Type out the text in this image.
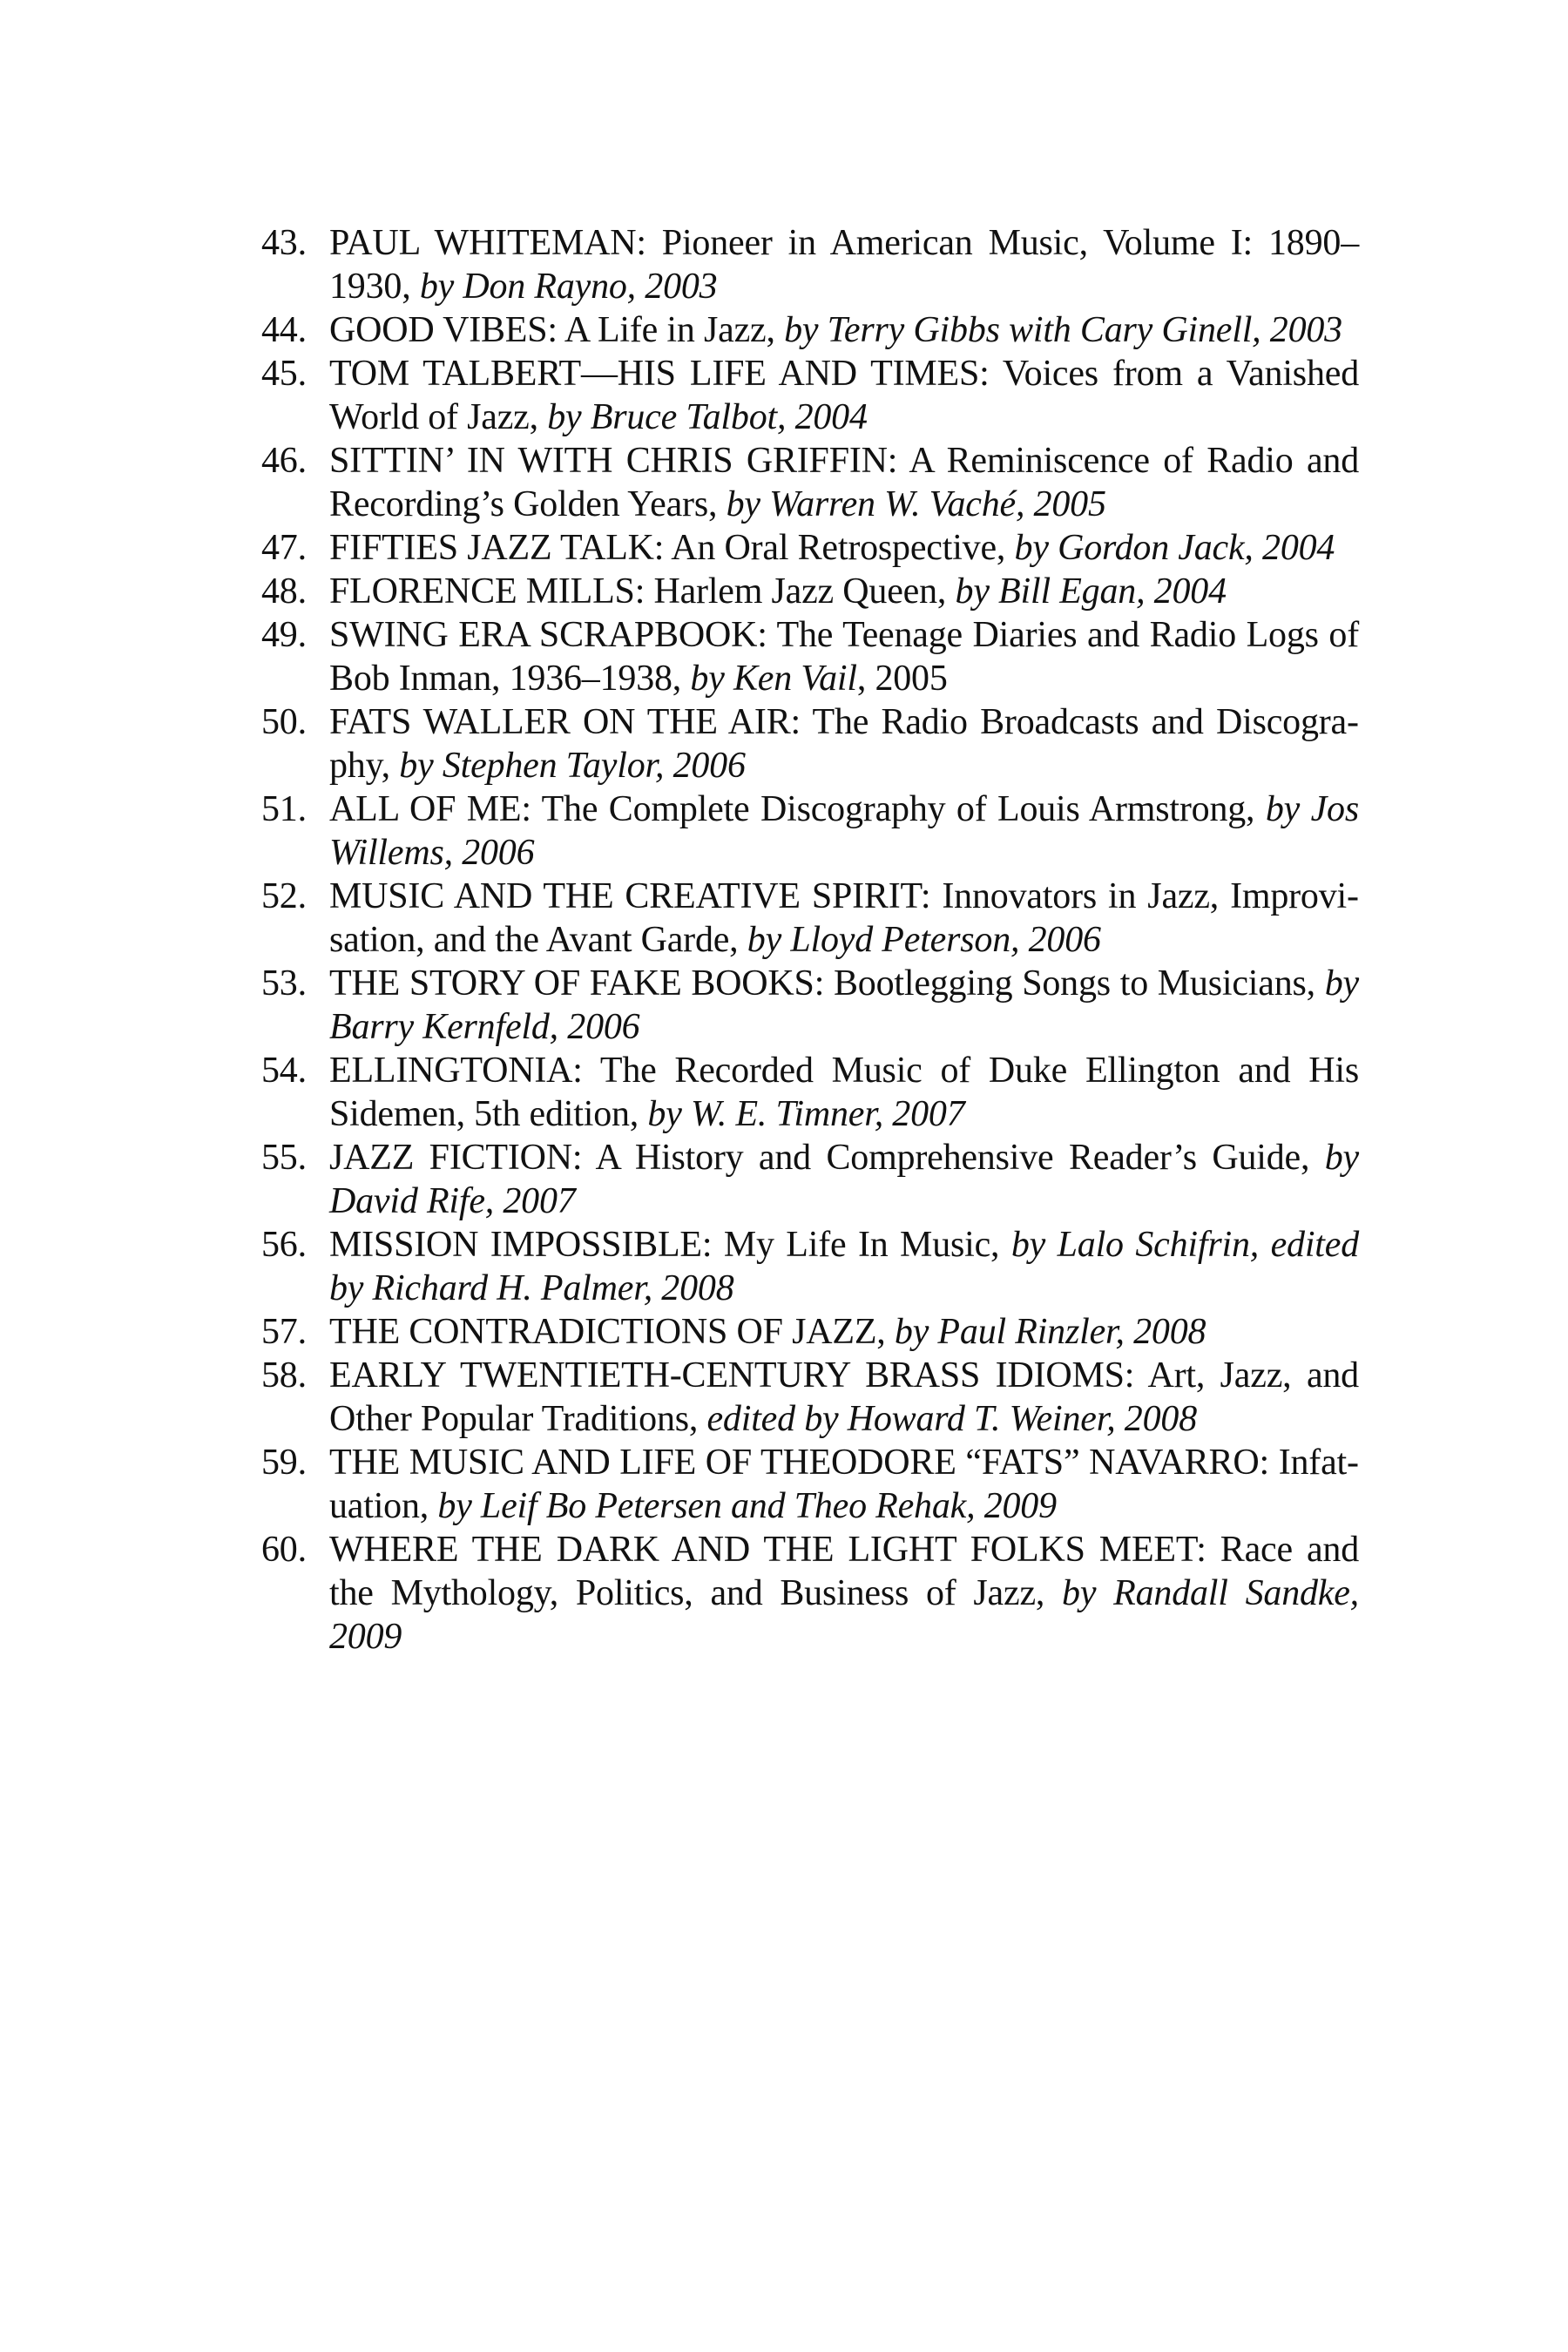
43. PAUL WHITEMAN: Pioneer in American Music, Volume I: 1890–1930, by Don Rayno, 2003
44. GOOD VIBES: A Life in Jazz, by Terry Gibbs with Cary Ginell, 2003
45. TOM TALBERT—HIS LIFE AND TIMES: Voices from a Vanished World of Jazz, by Bruce Talbot, 2004
46. SITTIN’ IN WITH CHRIS GRIFFIN: A Reminiscence of Radio and Recording’s Golden Years, by Warren W. Vaché, 2005
47. FIFTIES JAZZ TALK: An Oral Retrospective, by Gordon Jack, 2004
48. FLORENCE MILLS: Harlem Jazz Queen, by Bill Egan, 2004
49. SWING ERA SCRAPBOOK: The Teenage Diaries and Radio Logs of Bob Inman, 1936–1938, by Ken Vail, 2005
50. FATS WALLER ON THE AIR: The Radio Broadcasts and Discography, by Stephen Taylor, 2006
51. ALL OF ME: The Complete Discography of Louis Armstrong, by Jos Willems, 2006
52. MUSIC AND THE CREATIVE SPIRIT: Innovators in Jazz, Improvisation, and the Avant Garde, by Lloyd Peterson, 2006
53. THE STORY OF FAKE BOOKS: Bootlegging Songs to Musicians, by Barry Kernfeld, 2006
54. ELLINGTONIA: The Recorded Music of Duke Ellington and His Sidemen, 5th edition, by W. E. Timner, 2007
55. JAZZ FICTION: A History and Comprehensive Reader’s Guide, by David Rife, 2007
56. MISSION IMPOSSIBLE: My Life In Music, by Lalo Schifrin, edited by Richard H. Palmer, 2008
57. THE CONTRADICTIONS OF JAZZ, by Paul Rinzler, 2008
58. EARLY TWENTIETH-CENTURY BRASS IDIOMS: Art, Jazz, and Other Popular Traditions, edited by Howard T. Weiner, 2008
59. THE MUSIC AND LIFE OF THEODORE “FATS” NAVARRO: Infatuation, by Leif Bo Petersen and Theo Rehak, 2009
60. WHERE THE DARK AND THE LIGHT FOLKS MEET: Race and the Mythology, Politics, and Business of Jazz, by Randall Sandke, 2009
